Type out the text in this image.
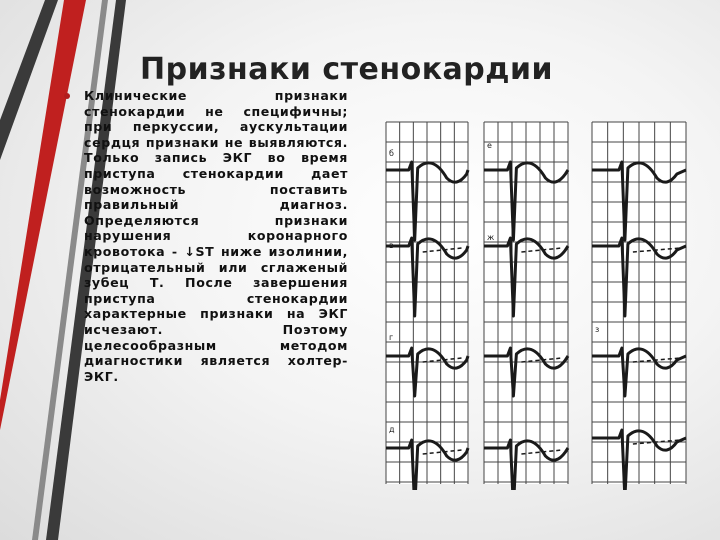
Признаки стенокардии
Клинические признаки стенокардии не специфичны; при перкуссии, аускультации сердця признаки не выявляются. Только запись ЭКГ во время приступа стенокардии дает возможность поставить правильный диагноз. Определяются признаки нарушения коронарного кровотока - ↓ST ниже изолинии, отрицательный или сглаженый зубец Т. После завершения приступа стенокардии характерные признаки на ЭКГ исчезают. Поэтому целесообразным методом диагностики является холтер- ЭКГ.
б
в
г
д
е
ж
з
